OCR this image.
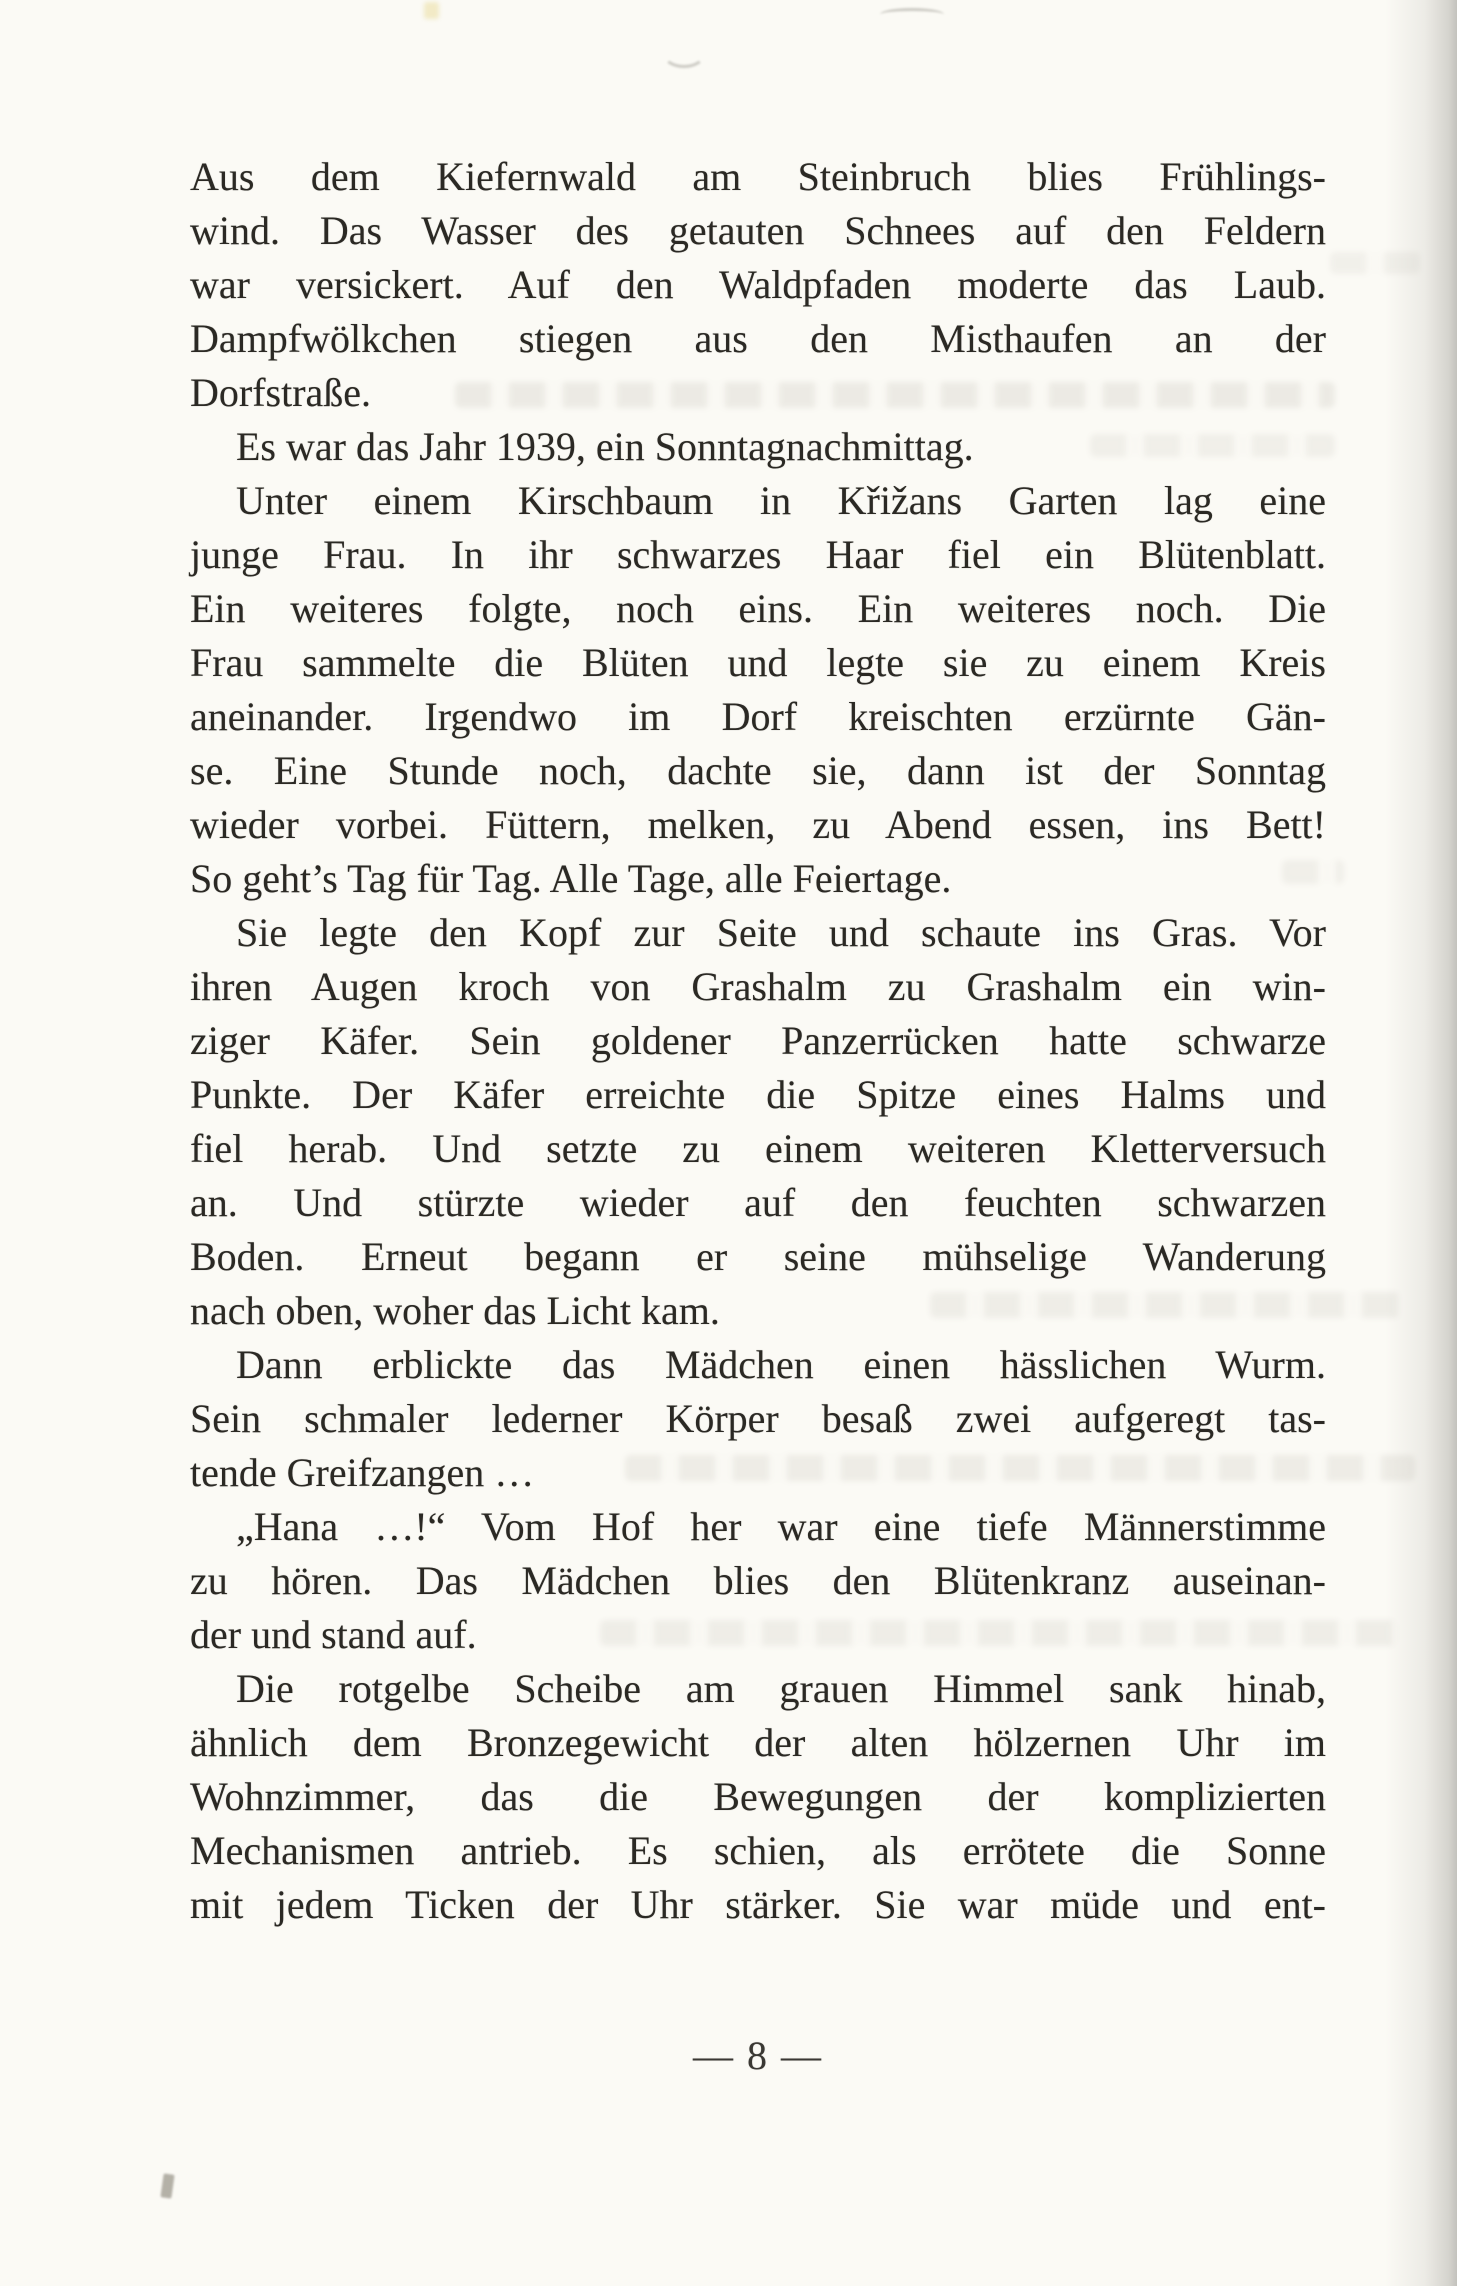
Aus dem Kiefernwald am Steinbruch blies Frühlings-
wind. Das Wasser des getauten Schnees auf den Feldern
war versickert. Auf den Waldpfaden moderte das Laub.
Dampfwölkchen stiegen aus den Misthaufen an der
Dorfstraße.
Es war das Jahr 1939, ein Sonntagnachmittag.
Unter einem Kirschbaum in Křižans Garten lag eine
junge Frau. In ihr schwarzes Haar fiel ein Blütenblatt.
Ein weiteres folgte, noch eins. Ein weiteres noch. Die
Frau sammelte die Blüten und legte sie zu einem Kreis
aneinander. Irgendwo im Dorf kreischten erzürnte Gän-
se. Eine Stunde noch, dachte sie, dann ist der Sonntag
wieder vorbei. Füttern, melken, zu Abend essen, ins Bett!
So geht’s Tag für Tag. Alle Tage, alle Feiertage.
Sie legte den Kopf zur Seite und schaute ins Gras. Vor
ihren Augen kroch von Grashalm zu Grashalm ein win-
ziger Käfer. Sein goldener Panzerrücken hatte schwarze
Punkte. Der Käfer erreichte die Spitze eines Halms und
fiel herab. Und setzte zu einem weiteren Kletterversuch
an. Und stürzte wieder auf den feuchten schwarzen
Boden. Erneut begann er seine mühselige Wanderung
nach oben, woher das Licht kam.
Dann erblickte das Mädchen einen hässlichen Wurm.
Sein schmaler lederner Körper besaß zwei aufgeregt tas-
tende Greifzangen …
„Hana …!“ Vom Hof her war eine tiefe Männerstimme
zu hören. Das Mädchen blies den Blütenkranz auseinan-
der und stand auf.
Die rotgelbe Scheibe am grauen Himmel sank hinab,
ähnlich dem Bronzegewicht der alten hölzernen Uhr im
Wohnzimmer, das die Bewegungen der komplizierten
Mechanismen antrieb. Es schien, als errötete die Sonne
mit jedem Ticken der Uhr stärker. Sie war müde und ent-
— 8 —
